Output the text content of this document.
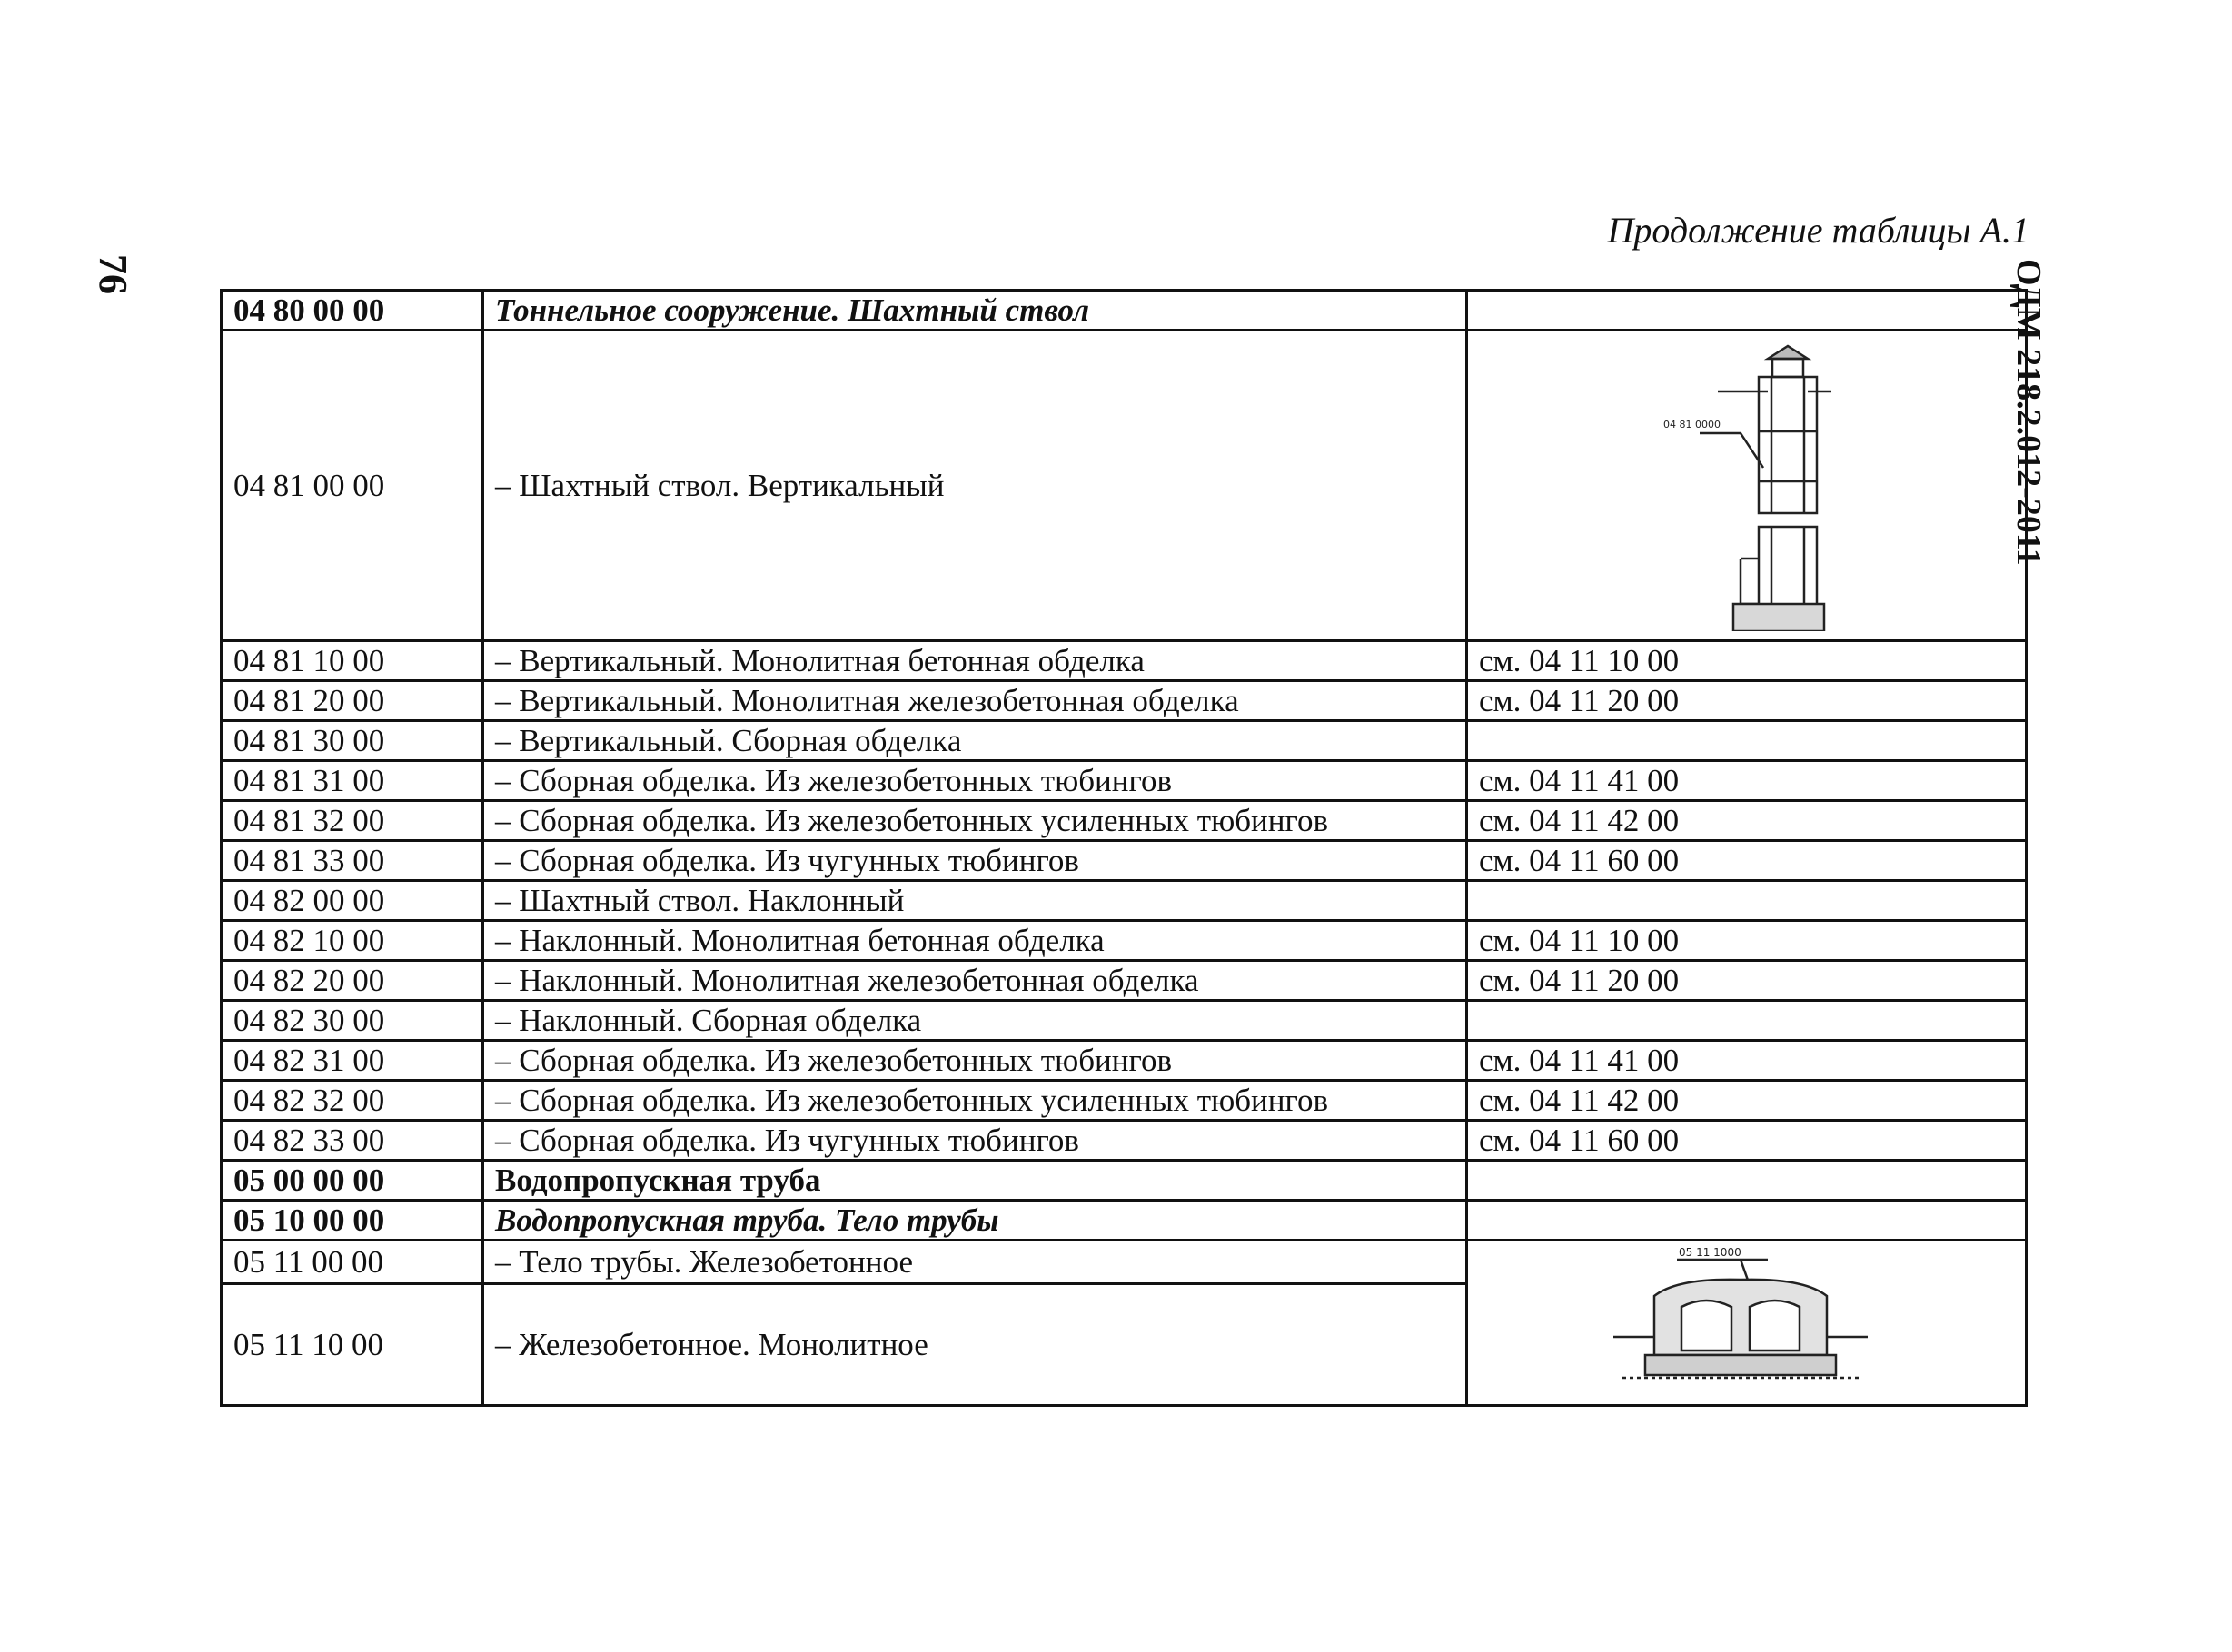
76	ОДМ 218.2.012-2011
Продолжение таблицы А.1
04 80 00 00	Тоннельное сооружение. Шахтный ствол	
04 81 00 00	– Шахтный ствол. Вертикальный	04 81 0000

04 81 10 00	– Вертикальный. Монолитная бетонная обделка	см. 04 11 10 00
04 81 20 00	– Вертикальный. Монолитная железобетонная обделка	см. 04 11 20 00
04 81 30 00	– Вертикальный. Сборная обделка	
04 81 31 00	– Сборная обделка. Из железобетонных тюбингов	см. 04 11 41 00
04 81 32 00	– Сборная обделка. Из железобетонных усиленных тюбингов	см. 04 11 42 00
04 81 33 00	– Сборная обделка. Из чугунных тюбингов	см. 04 11 60 00
04 82 00 00	– Шахтный ствол. Наклонный	
04 82 10 00	– Наклонный. Монолитная бетонная обделка	см. 04 11 10 00
04 82 20 00	– Наклонный. Монолитная железобетонная обделка	см. 04 11 20 00
04 82 30 00	– Наклонный. Сборная обделка	
04 82 31 00	– Сборная обделка. Из железобетонных тюбингов	см. 04 11 41 00
04 82 32 00	– Сборная обделка. Из железобетонных усиленных тюбингов	см. 04 11 42 00
04 82 33 00	– Сборная обделка. Из чугунных тюбингов	см. 04 11 60 00
05 00 00 00	Водопропускная труба	
05 10 00 00	Водопропускная труба. Тело трубы	
05 11 00 00	– Тело трубы. Железобетонное	05 11 1000

05 11 10 00	– Железобетонное. Монолитное	
